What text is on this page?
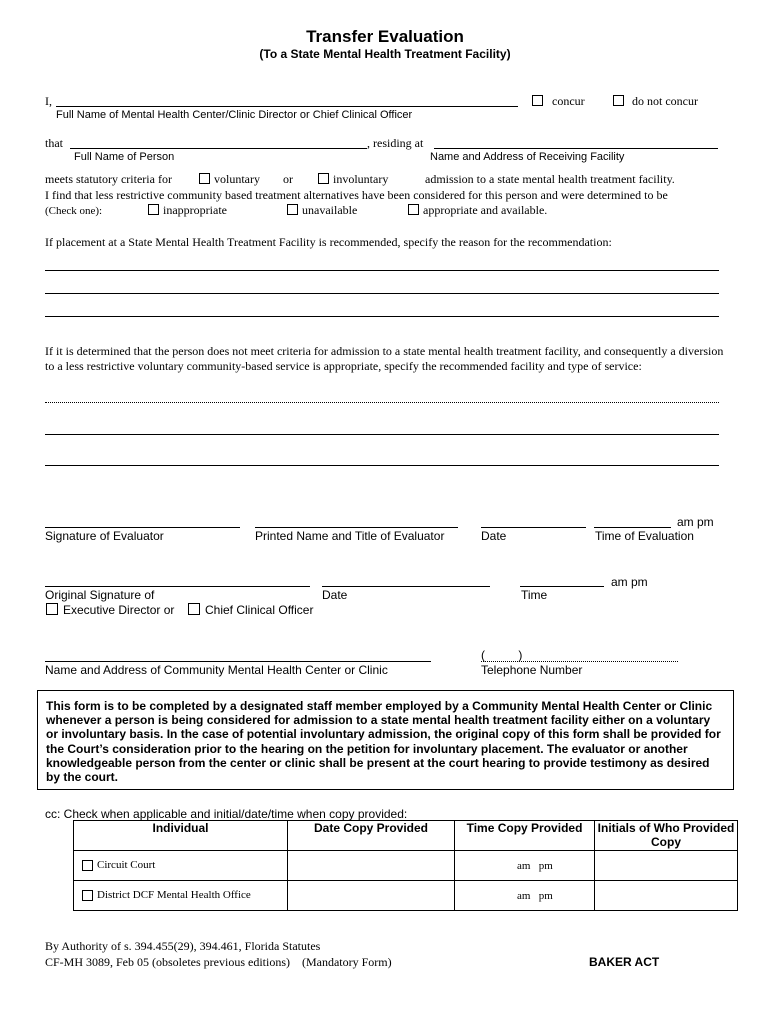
Transfer Evaluation
(To a State Mental Health Treatment Facility)
I,	concur	do not concur
Full Name of Mental Health Center/Clinic Director or Chief Clinical Officer
that	, residing at
Full Name of Person	Name and Address of Receiving Facility
meets statutory criteria for	voluntary or	involuntary	admission to a state mental health treatment facility.
I find that less restrictive community based treatment alternatives have been considered for this person and were determined to be
(Check one):	inappropriate	unavailable	appropriate and available.
If placement at a State Mental Health Treatment Facility is recommended, specify the reason for the recommendation:
If it is determined that the person does not meet criteria for admission to a state mental health treatment facility, and consequently a diversion to a less restrictive voluntary community-based service is appropriate, specify the recommended facility and type of service:
am pm
Signature of Evaluator	Printed Name and Title of Evaluator	Date	Time of Evaluation
am pm
Original Signature of	Date	Time
Executive Director or	Chief Clinical Officer
(          )
Name and Address of Community Mental Health Center or Clinic	Telephone Number
This form is to be completed by a designated staff member employed by a Community Mental Health Center or Clinic whenever a person is being considered for admission to a state mental health treatment facility either on a voluntary or involuntary basis. In the case of potential involuntary admission, the original copy of this form shall be provided for the Court’s consideration prior to the hearing on the petition for involuntary placement. The evaluator or another knowledgeable person from the center or clinic shall be present at the court hearing to provide testimony as desired by the court.
cc: Check when applicable and initial/date/time when copy provided:
Individual	Date Copy Provided	Time Copy Provided	Initials of Who Provided Copy

Circuit Court		am   pm	

District DCF Mental Health Office		am   pm	

By Authority of s. 394.455(29), 394.461, Florida Statutes
CF-MH 3089, Feb 05 (obsoletes previous editions)    (Mandatory Form)	BAKER ACT
